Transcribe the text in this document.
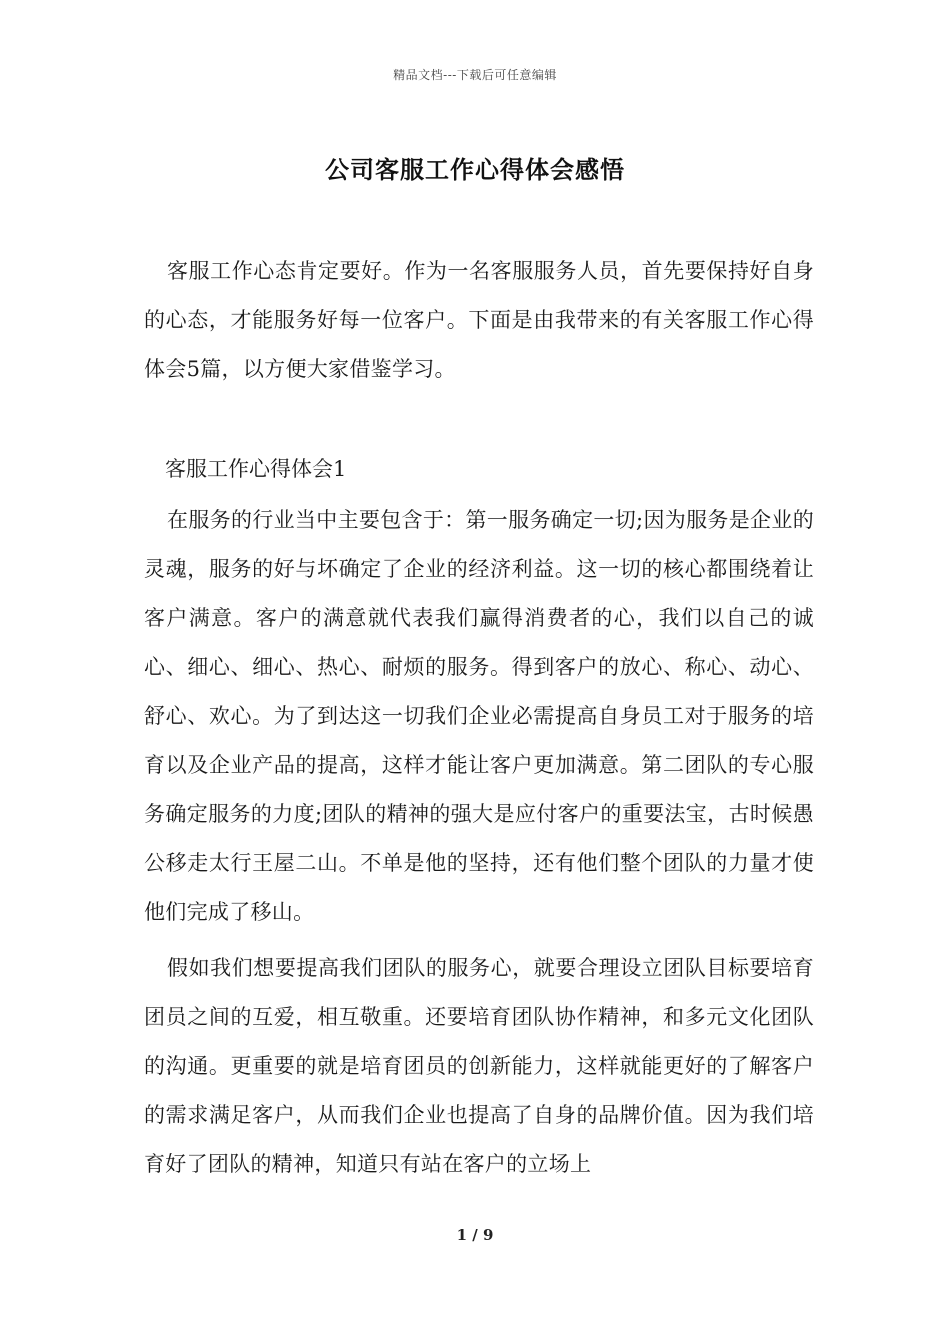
精品文档---下载后可任意编辑
公司客服工作心得体会感悟

客服工作心态肯定要好。作为一名客服服务人员，首先要保持好自身的心态，才能服务好每一位客户。下面是由我带来的有关客服工作心得体会5篇，以方便大家借鉴学习。

客服工作心得体会1

在服务的行业当中主要包含于：第一服务确定一切;因为服务是企业的灵魂，服务的好与坏确定了企业的经济利益。这一切的核心都围绕着让客户满意。客户的满意就代表我们赢得消费者的心，我们以自己的诚心、细心、细心、热心、耐烦的服务。得到客户的放心、称心、动心、舒心、欢心。为了到达这一切我们企业必需提高自身员工对于服务的培育以及企业产品的提高，这样才能让客户更加满意。第二团队的专心服务确定服务的力度;团队的精神的强大是应付客户的重要法宝，古时候愚公移走太行王屋二山。不单是他的坚持，还有他们整个团队的力量才使他们完成了移山。

假如我们想要提高我们团队的服务心，就要合理设立团队目标要培育团员之间的互爱，相互敬重。还要培育团队协作精神，和多元文化团队的沟通。更重要的就是培育团员的创新能力，这样就能更好的了解客户的需求满足客户，从而我们企业也提高了自身的品牌价值。因为我们培育好了团队的精神，知道只有站在客户的立场上

1 / 9
